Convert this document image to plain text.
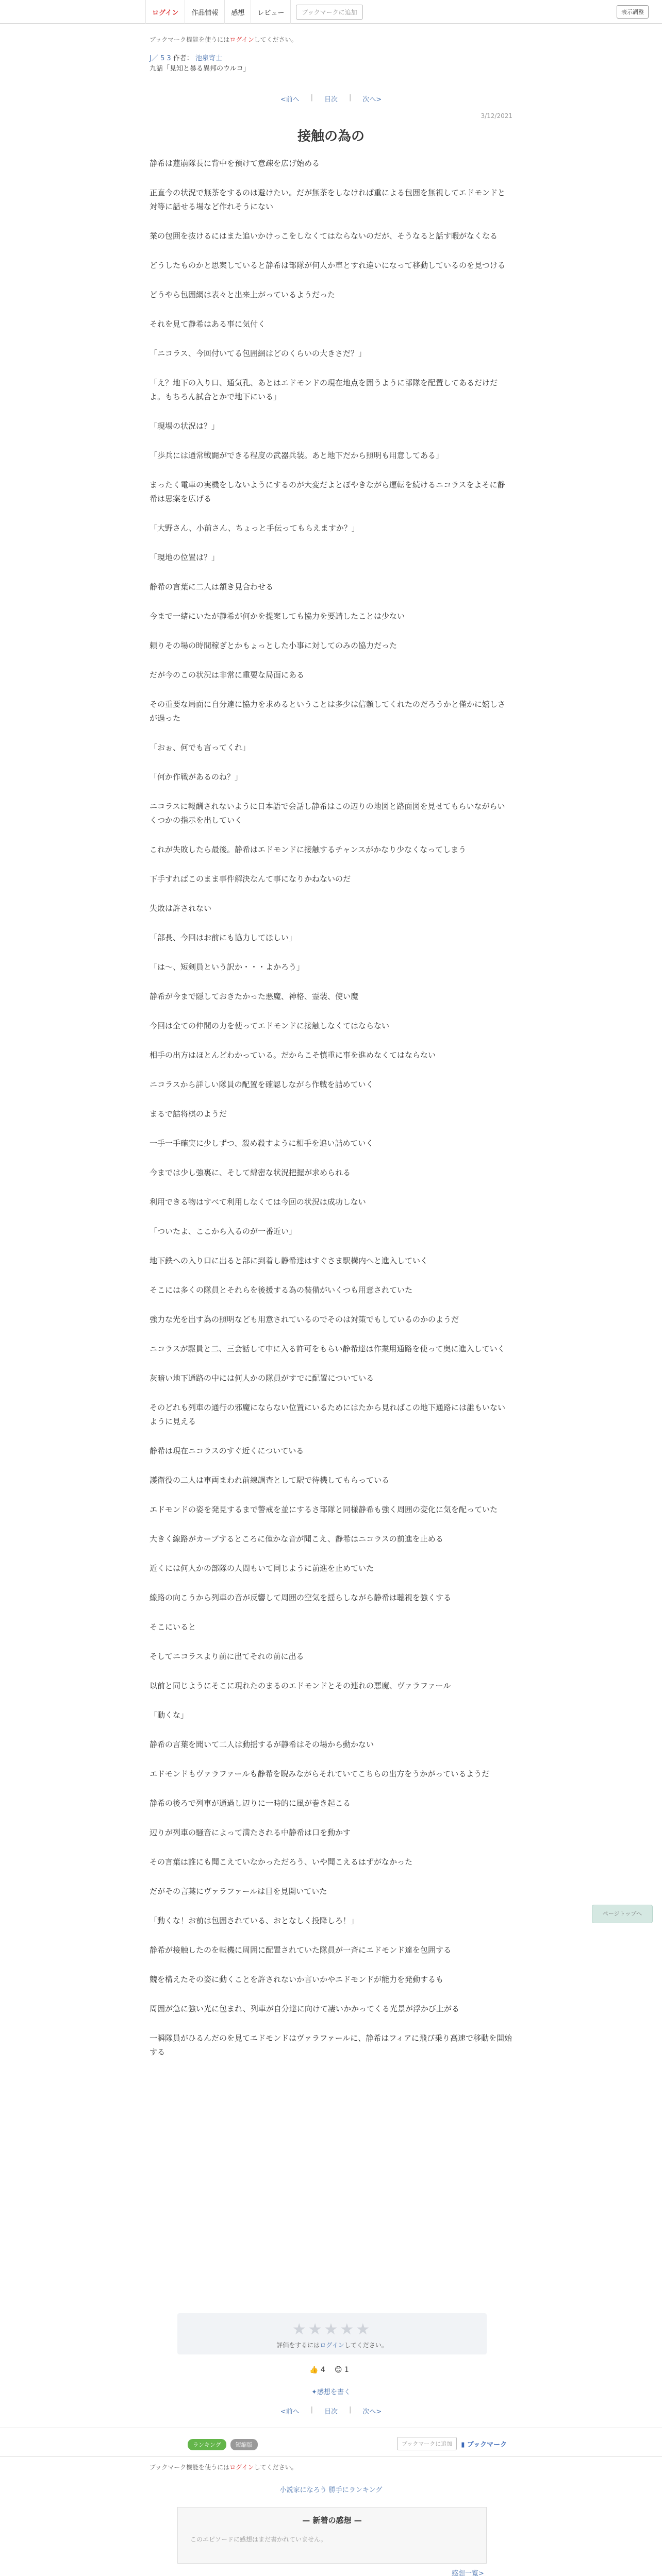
ログイン	作品情報	感想	レビュー	ブックマークに追加	表示調整
ブックマーク機能を使うにはログインしてください。
J／ 5 3 作者： 池泉寄士
九話「見知と暴る異邦のウルコ」
<前へ | 目次 | 次へ>
3/12/2021
接触の為の

静希は蓮崩隊長に背中を預けて意疎を広げ始める

正直今の状況で無茶をするのは避けたい。だが無茶をしなければ重による包囲を無視してエドモンドと対等に話せる場など作れそうにない

業の包囲を抜けるにはまた追いかけっこをしなくてはならないのだが、そうなると話す暇がなくなる

どうしたものかと思案していると静希は部隊が何人か車とすれ違いになって移動しているのを見つける

どうやら包囲網は表々と出来上がっているようだった

それを見て静希はある事に気付く

「ニコラス、今回付いてる包囲網はどのくらいの大きさだ？」

「え？地下の入り口、通気孔、あとはエドモンドの現在地点を囲うように部隊を配置してあるだけだよ。もちろん試合とかで地下にいる」

「現場の状況は？」

「歩兵には通常戦闘ができる程度の武器兵装。あと地下だから照明も用意してある」

まったく電車の実機をしないようにするのが大変だよとぼやきながら運転を続けるニコラスをよそに静希は思案を広げる

「大野さん、小前さん、ちょっと手伝ってもらえますか？」

「現地の位置は？」

静希の言葉に二人は頷き見合わせる

今まで一緒にいたが静希が何かを提案しても協力を要請したことは少ない

頼りその場の時間稼ぎとかもょっとした小事に対してのみの協力だった

だが今のこの状況は非常に重要な局面にある

その重要な局面に自分達に協力を求めるということは多少は信頼してくれたのだろうかと僅かに嬉しさが過った

「おぉ、何でも言ってくれ」

「何か作戦があるのね？」

ニコラスに報酬されないように日本語で会話し静希はこの辺りの地図と路面図を見せてもらいながらいくつかの指示を出していく

これが失敗したら最後。静希はエドモンドに接触するチャンスがかなり少なくなってしまう

下手すればこのまま事件解決なんて事になりかねないのだ

失敗は許されない

「部長、今回はお前にも協力してほしい」

「は〜、短剣員という訳か・・・よかろう」

静希が今まで隠しておきたかった悪魔、神格、霊装、使い魔

今回は全ての仲間の力を使ってエドモンドに接触しなくてはならない

相手の出方はほとんどわかっている。だからこそ慎重に事を進めなくてはならない

ニコラスから詳しい隊員の配置を確認しながら作戦を詰めていく

まるで詰将棋のようだ

一手一手確実に少しずつ、殺め殺すように相手を追い詰めていく

今までは少し強裏に、そして綿密な状況把握が求められる

利用できる物はすべて利用しなくては今回の状況は成功しない

「ついたよ、ここから入るのが一番近い」

地下鉄への入り口に出ると部に到着し静希達はすぐさま駅構内へと進入していく

そこには多くの隊員とそれらを後援する為の装備がいくつも用意されていた

強力な光を出す為の照明なども用意されているのでそのは対策でもしているのかのようだ

ニコラスが駆員と二、三会話して中に入る許可をもらい静希達は作業用通路を使って奥に進入していく

灰暗い地下通路の中には何人かの隊員がすでに配置についている

そのどれも列車の通行の邪魔にならない位置にいるためにはたから見ればこの地下通路には誰もいないように見える

静希は現在ニコラスのすぐ近くについている

護衛役の二人は車両まわれ前線調査として駅で待機してもらっている

エドモンドの姿を発見するまで警戒を並にするさ部隊と同様静希も強く周囲の変化に気を配っていた

大きく線路がカーブするところに僅かな音が聞こえ、静希はニコラスの前進を止める

近くには何人かの部隊の人間もいて同じように前進を止めていた

線路の向こうから列車の音が反響して周囲の空気を揺らしながら静希は聴視を強くする

そこにいると

そしてニコラスより前に出てそれの前に出る

以前と同じようにそこに現れたのまるのエドモンドとその連れの悪魔、ヴァラファール

「動くな」

静希の言葉を聞いて二人は動揺するが静希はその場から動かない

エドモンドもヴァラファールも静希を睨みながらそれていてこちらの出方をうかがっているようだ

静希の後ろで列車が通過し辺りに一時的に風が巻き起こる

辺りが列車の騒音によって満たされる中静希は口を動かす

その言葉は誰にも聞こえていなかっただろう、いや聞こえるはずがなかった

だがその言葉にヴァラファールは目を見開いていた

「動くな！お前は包囲されている、おとなしく投降しろ！」

静希が接触したのを転機に周囲に配置されていた隊員が一斉にエドモンド達を包囲する

競を構えたその姿に動くことを許されないか言いかやエドモンドが能力を発動するも

周囲が急に強い光に包まれ、列車が自分達に向けて凄いかかってくる光景が浮かび上がる

一瞬隊員がひるんだのを見てエドモンドはヴァラファールに、静希はフィアに飛び乗り高速で移動を開始する

★★★★★
評価をするにはログインしてください。
👍 4 😊 1
✦感想を書く
<前へ | 目次 | 次へ>
ランキング	短縮版	ブックマークに追加	▮ ブックマーク
ブックマーク機能を使うにはログインしてください。
小説家になろう 勝手にランキング
— 新着の感想 —
このエピソードに感想はまだ書かれていません。
感想一覧>
ページトップへ
